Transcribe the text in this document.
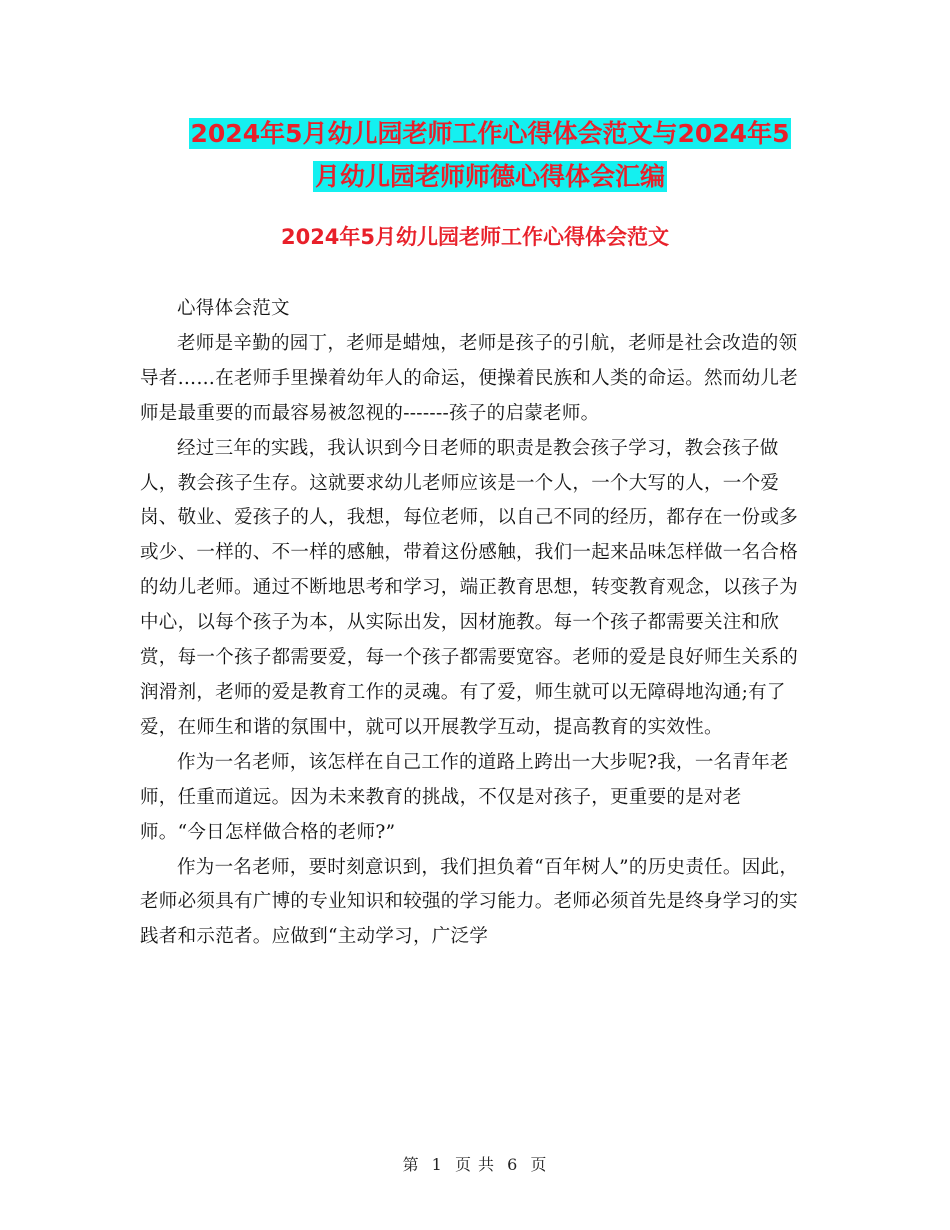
2024年5月幼儿园老师工作心得体会范文与2024年5
月幼儿园老师师德心得体会汇编
2024年5月幼儿园老师工作心得体会范文

心得体会范文

老师是辛勤的园丁，老师是蜡烛，老师是孩子的引航，老师是社会改造的领导者……在老师手里操着幼年人的命运，便操着民族和人类的命运。然而幼儿老师是最重要的而最容易被忽视的-------孩子的启蒙老师。

经过三年的实践，我认识到今日老师的职责是教会孩子学习，教会孩子做人，教会孩子生存。这就要求幼儿老师应该是一个人，一个大写的人，一个爱岗、敬业、爱孩子的人，我想，每位老师，以自己不同的经历，都存在一份或多或少、一样的、不一样的感触，带着这份感触，我们一起来品味怎样做一名合格的幼儿老师。通过不断地思考和学习，端正教育思想，转变教育观念，以孩子为中心，以每个孩子为本，从实际出发，因材施教。每一个孩子都需要关注和欣赏，每一个孩子都需要爱，每一个孩子都需要宽容。老师的爱是良好师生关系的润滑剂，老师的爱是教育工作的灵魂。有了爱，师生就可以无障碍地沟通;有了爱，在师生和谐的氛围中，就可以开展教学互动，提高教育的实效性。

作为一名老师，该怎样在自己工作的道路上跨出一大步呢?我，一名青年老师，任重而道远。因为未来教育的挑战，不仅是对孩子，更重要的是对老师。“今日怎样做合格的老师?”

作为一名老师，要时刻意识到，我们担负着“百年树人”的历史责任。因此，老师必须具有广博的专业知识和较强的学习能力。老师必须首先是终身学习的实践者和示范者。应做到“主动学习，广泛学

第 1 页 共 6 页
